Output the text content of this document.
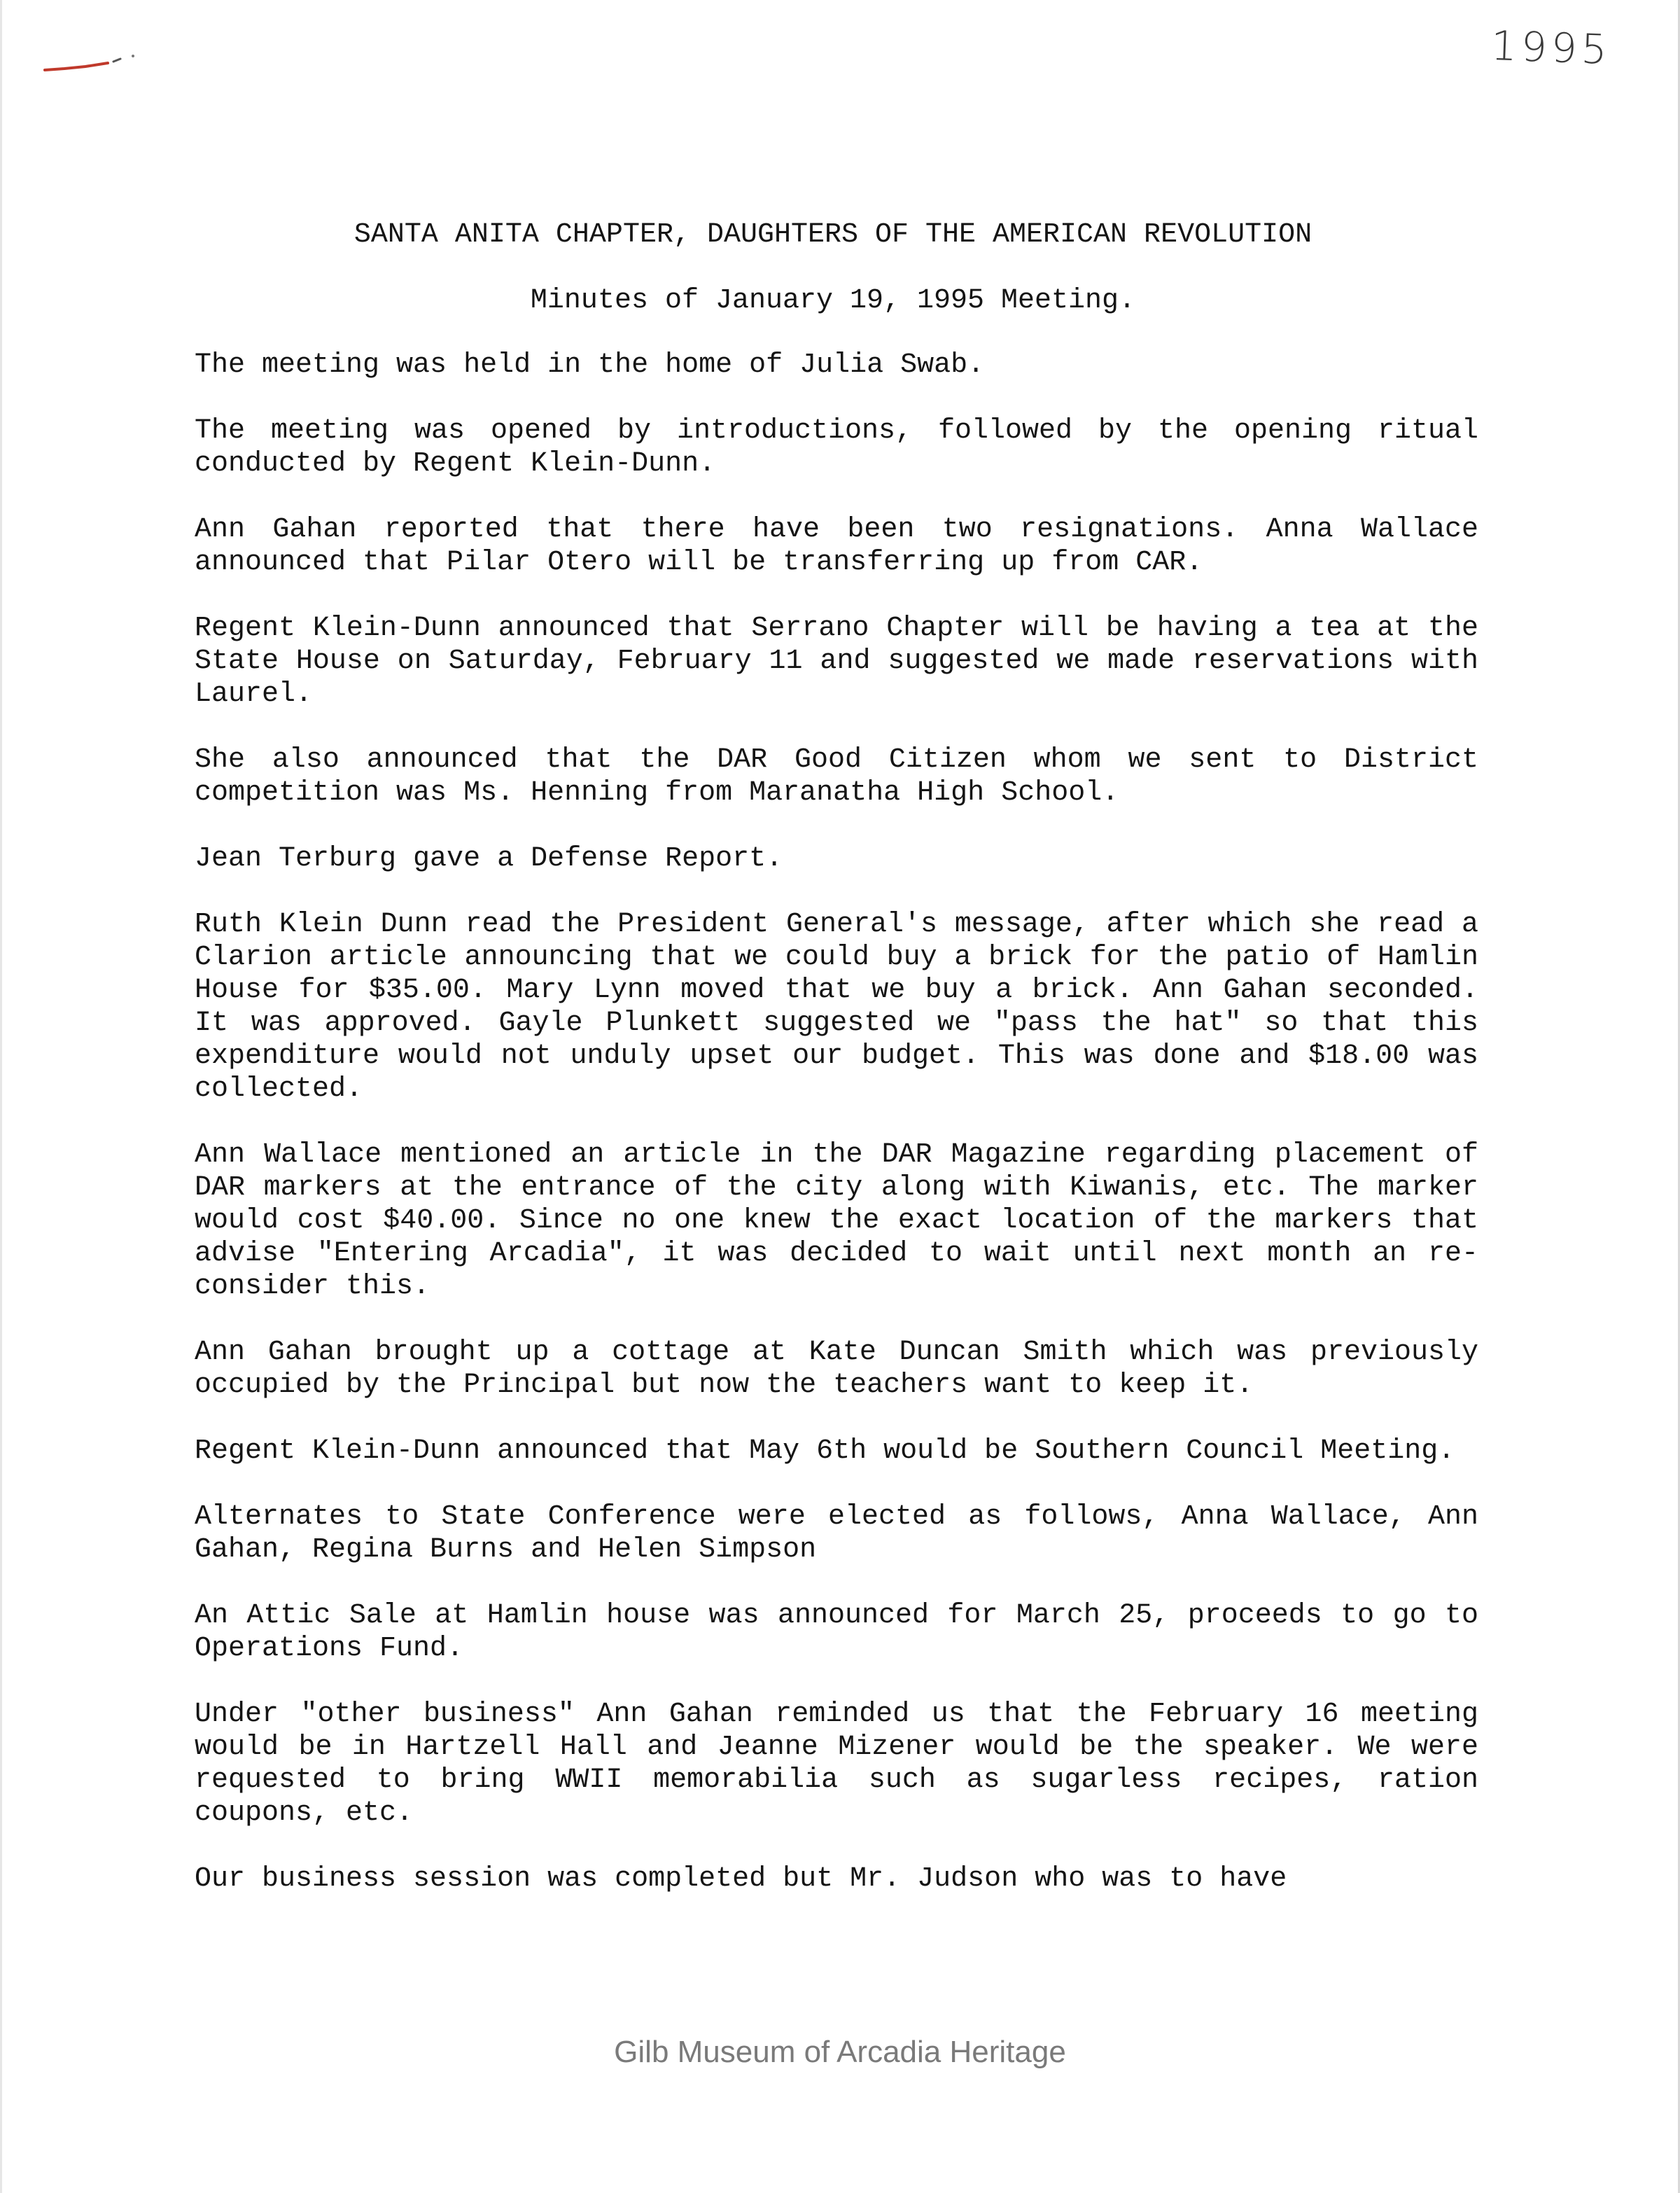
1995
SANTA ANITA CHAPTER, DAUGHTERS OF THE AMERICAN REVOLUTION
Minutes of January 19, 1995 Meeting.

The meeting was held in the home of Julia Swab.

The meeting was opened by introductions, followed by the opening ritual conducted by Regent Klein-Dunn.

Ann Gahan reported that there have been two resignations. Anna Wallace announced that Pilar Otero will be transferring up from CAR.

Regent Klein-Dunn announced that Serrano Chapter will be having a tea at the State House on Saturday, February 11 and suggested we made reservations with Laurel.

She also announced that the DAR Good Citizen whom we sent to District competition was Ms. Henning from Maranatha High School.

Jean Terburg gave a Defense Report.

Ruth Klein Dunn read the President General's message, after which she read a Clarion article announcing that we could buy a brick for the patio of Hamlin House for $35.00. Mary Lynn moved that we buy a brick. Ann Gahan seconded. It was approved. Gayle Plunkett suggested we "pass the hat" so that this expenditure would not unduly upset our budget. This was done and $18.00 was collected.

Ann Wallace mentioned an article in the DAR Magazine regarding placement of DAR markers at the entrance of the city along with Kiwanis, etc. The marker would cost $40.00. Since no one knew the exact location of the markers that advise "Entering Arcadia", it was decided to wait until next month an re-consider this.

Ann Gahan brought up a cottage at Kate Duncan Smith which was previously occupied by the Principal but now the teachers want to keep it.

Regent Klein-Dunn announced that May 6th would be Southern Council Meeting.

Alternates to State Conference were elected as follows, Anna Wallace, Ann Gahan, Regina Burns and Helen Simpson

An Attic Sale at Hamlin house was announced for March 25, proceeds to go to Operations Fund.

Under "other business" Ann Gahan reminded us that the February 16 meeting would be in Hartzell Hall and Jeanne Mizener would be the speaker. We were requested to bring WWII memorabilia such as sugarless recipes, ration coupons, etc.

Our business session was completed but Mr. Judson who was to have

Gilb Museum of Arcadia Heritage
